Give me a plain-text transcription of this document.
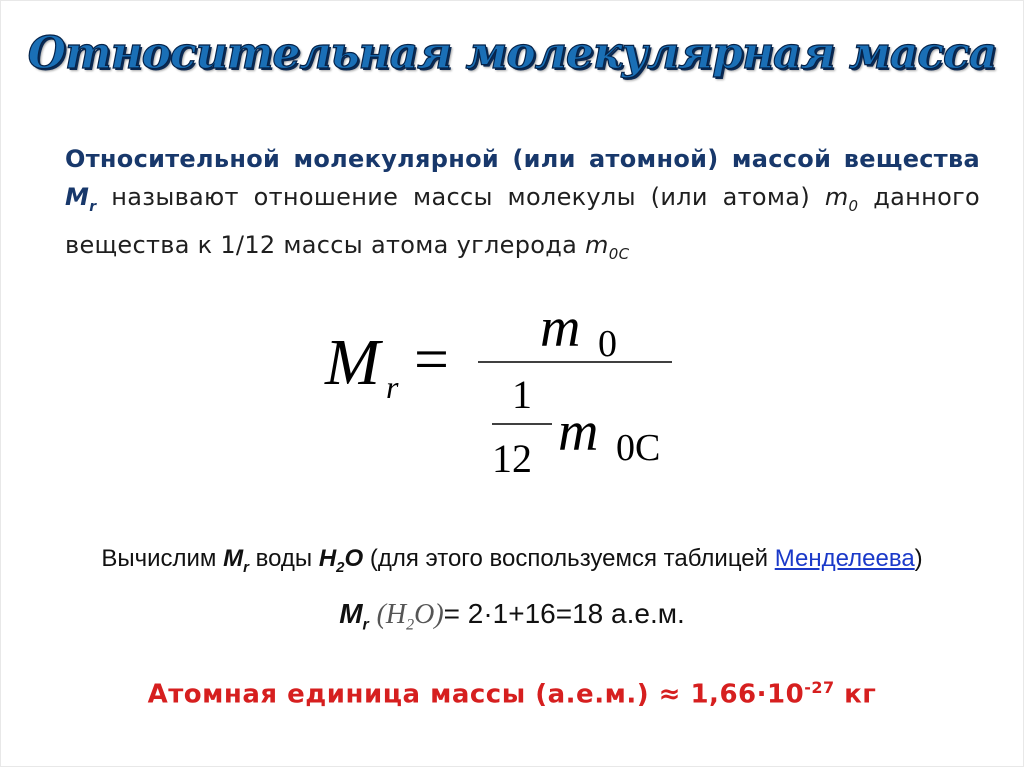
Относительная молекулярная масса
Относительной молекулярной (или атомной) массой вещества $M_r$ называют отношение массы молекулы (или атома) $m_0$ данного вещества к 1/12 массы атома углерода $m_{0C}$
M r = m 0
1
12 m 0C
Вычислим $M_r$ воды $H_2O$ (для этого воспользуемся таблицей Менделеева)
$M_r$ $(H_2O)= 2\cdot 1+16=18$ а.е.м.
Атомная единица массы $(а.е.м.) \approx 1,66\cdot 10^{-27}$ кг
